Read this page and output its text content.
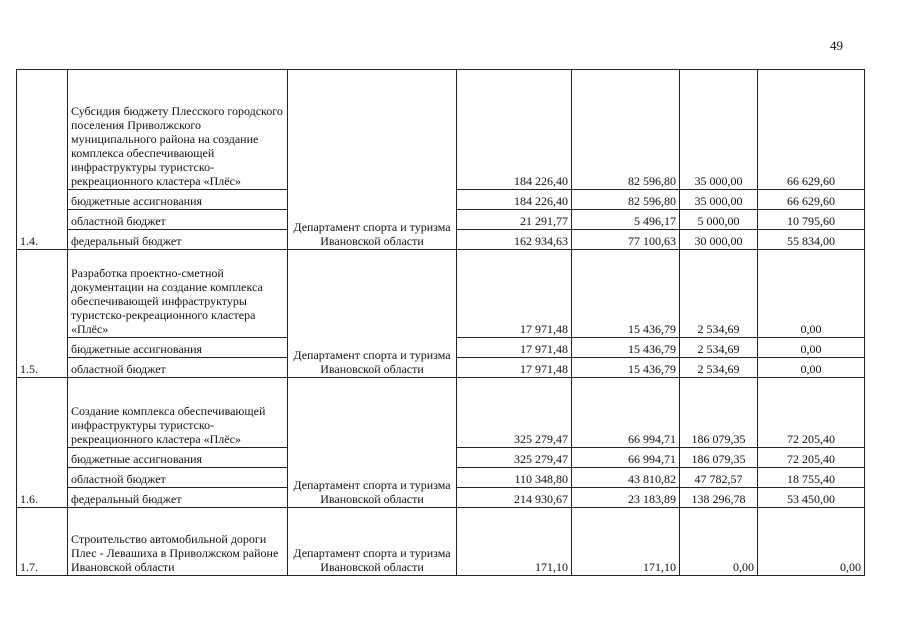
49
1.4.	Субсидия бюджету Плесского городского поселения Приволжского муниципального района на создание комплекса обеспечивающей инфраструктуры туристско-рекреационного кластера «Плёс»	Департамент спорта и туризма Ивановской области	184 226,40	82 596,80	35 000,00	66 629,60
	бюджетные ассигнования		184 226,40	82 596,80	35 000,00	66 629,60
	областной бюджет		21 291,77	5 496,17	5 000,00	10 795,60
	федеральный бюджет		162 934,63	77 100,63	30 000,00	55 834,00
1.5.	Разработка проектно-сметной документации на создание комплекса обеспечивающей инфраструктуры туристско-рекреационного кластера «Плёс»	Департамент спорта и туризма Ивановской области	17 971,48	15 436,79	2 534,69	0,00
	бюджетные ассигнования		17 971,48	15 436,79	2 534,69	0,00
	областной бюджет		17 971,48	15 436,79	2 534,69	0,00
1.6.	Создание комплекса обеспечивающей инфраструктуры туристско-рекреационного кластера «Плёс»	Департамент спорта и туризма Ивановской области	325 279,47	66 994,71	186 079,35	72 205,40
	бюджетные ассигнования		325 279,47	66 994,71	186 079,35	72 205,40
	областной бюджет		110 348,80	43 810,82	47 782,57	18 755,40
	федеральный бюджет		214 930,67	23 183,89	138 296,78	53 450,00
1.7.	Строительство автомобильной дороги Плес - Левашиха в Приволжском районе Ивановской области	Департамент спорта и туризма Ивановской области	171,10	171,10	0,00	0,00
